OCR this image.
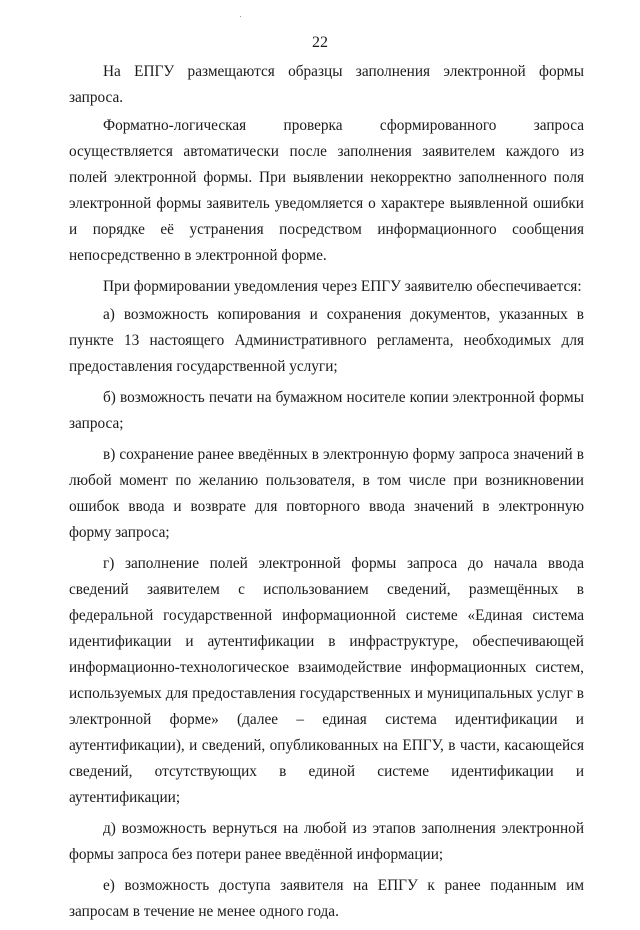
22

На ЕПГУ размещаются образцы заполнения электронной формы запроса.

Форматно-логическая проверка сформированного запроса осуществляется автоматически после заполнения заявителем каждого из полей электронной формы. При выявлении некорректно заполненного поля электронной формы заявитель уведомляется о характере выявленной ошибки и порядке её устранения посредством информационного сообщения непосредственно в электронной форме.

При формировании уведомления через ЕПГУ заявителю обеспечивается:

а) возможность копирования и сохранения документов, указанных в пункте 13 настоящего Административного регламента, необходимых для предоставления государственной услуги;

б) возможность печати на бумажном носителе копии электронной формы запроса;

в) сохранение ранее введённых в электронную форму запроса значений в любой момент по желанию пользователя, в том числе при возникновении ошибок ввода и возврате для повторного ввода значений в электронную форму запроса;

г) заполнение полей электронной формы запроса до начала ввода сведений заявителем с использованием сведений, размещённых в федеральной государственной информационной системе «Единая система идентификации и аутентификации в инфраструктуре, обеспечивающей информационно-технологическое взаимодействие информационных систем, используемых для предоставления государственных и муниципальных услуг в электронной форме» (далее – единая система идентификации и аутентификации), и сведений, опубликованных на ЕПГУ, в части, касающейся сведений, отсутствующих в единой системе идентификации и аутентификации;

д) возможность вернуться на любой из этапов заполнения электронной формы запроса без потери ранее введённой информации;

е) возможность доступа заявителя на ЕПГУ к ранее поданным им запросам в течение не менее одного года.
